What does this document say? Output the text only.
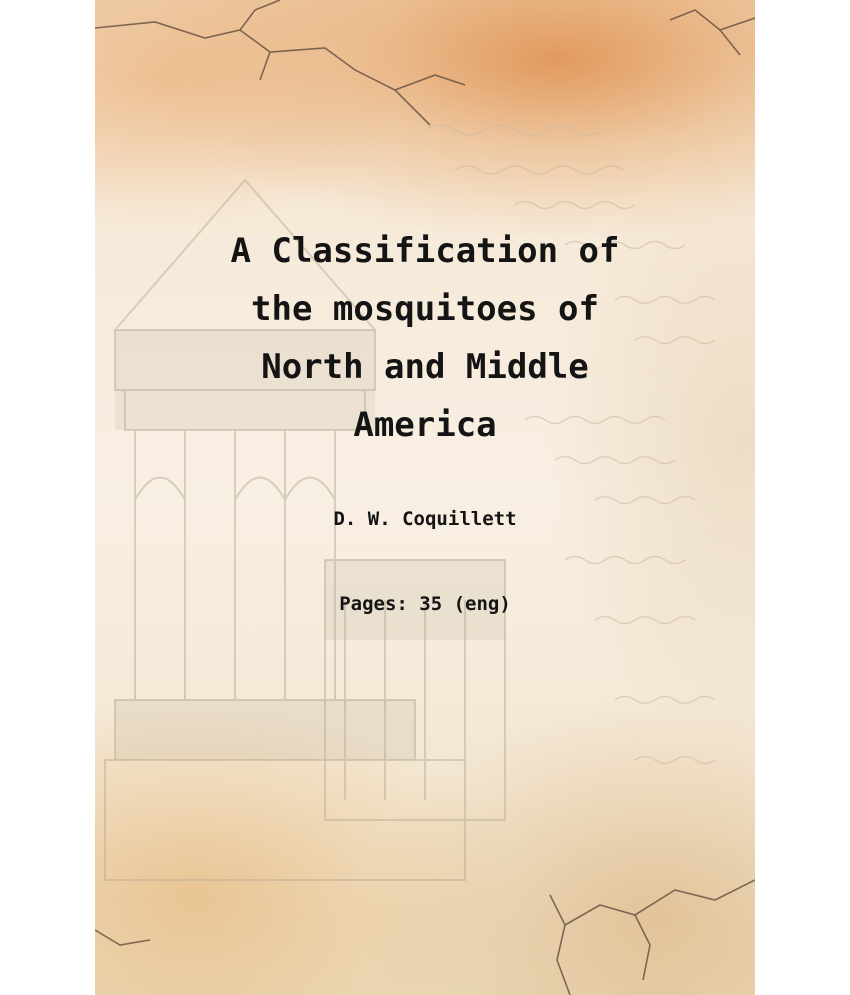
A Classification of
the mosquitoes of
North and Middle
America
D. W. Coquillett
Pages: 35 (eng)
